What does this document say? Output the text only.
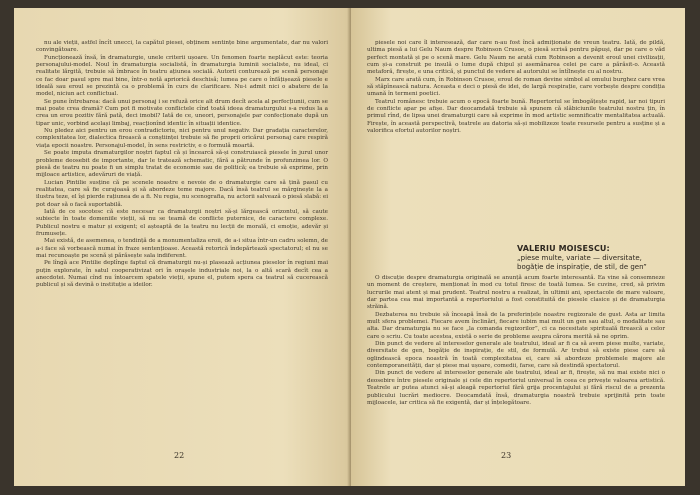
nu ale vieții, astfel încît unecci, la capătul piesei, obținem sentințe bine argumentate, dar nu valori convingătoare.

Funcționează însă, în dramaturgie, unele criterii ușoare. Un fenomen foarte neplăcut este: teoria personajului-model. Noul în dramaturgia socialistă, în dramaturgia luminii socialiste, nu ideal, ci realitate lărgită, trebuie să îmbrace în teatru ațiunea socială. Autorii conturează pe scenă personaje ce fac doar pasul spre mai bine, într-o notă apriorică deschisă; lumea pe care o înfățișează piesele e ideală sau eroul se prezintă ca o problemă în curs de clarificare. Nu-i admit nici o abatere de la model, niciun act conflictual.

Se pune întrebarea: dacă unui personaj i se refuză orice alt drum decît acela al perfecțiunii, cum se mai poate crea dramă? Cum pot fi motivate conflictele cînd toată ideea dramaturgului s-a redus la a crea un erou pozitiv fără pată, deci imobil? Iată de ce, uneori, personajele par confecționate după un tipar unic, vorbind același limbaj, reacționînd identic în situații identice.

Nu pledez aici pentru un erou contradictoriu, nici pentru unul negativ. Dar gradația caracterelor, complexitatea lor, dialectica firească a conștiinței trebuie să fie proprii oricărui personaj care respiră viața epocii noastre. Personajul-model, în sens restrictiv, e o formulă moartă.

Se poate imputa dramaturgilor noștri faptul că și încearcă să-și construiască piesele în jurul unor probleme deosebit de importante, dar le tratează schematic, fără a pătrunde în profunzimea lor. O piesă de teatru nu poate fi un simplu tratat de economie sau de politică; ea trebuie să exprime, prin mijloace artistice, adevăruri de viață.

Lucian Pintilie susține că pe scenele noastre e nevoie de o dramaturgie care să țină pasul cu realitatea, care să fie curajoasă și să abordeze teme majore. Dacă însă teatrul se mărginește la a ilustra teze, el își pierde rațiunea de a fi. Nu regia, nu scenografia, nu actorii salvează o piesă slabă: ei pot doar să o facă suportabilă.

Iată de ce socotesc că este necesar ca dramaturgii noștri să-și lărgească orizontul, să caute subiecte în toate domeniile vieții, să nu se teamă de conflicte puternice, de caractere complexe. Publicul nostru e matur și exigent; el așteaptă de la teatru nu lecții de morală, ci emoție, adevăr și frumusețe.

Mai există, de asemenea, o tendință de a monumentaliza eroii, de a-i situa într-un cadru solemn, de a-i face să vorbească numai în fraze sentențioase. Această retorică îndepărtează spectatorul; el nu se mai recunoaște pe scenă și părăsește sala indiferent.

Pe lîngă ace Pintilie deplînge faptul că dramaturgii nu-și plasează acțiunea pieselor în regiuni mai puțin explorate, în satul cooperativizat ori în orașele industriale noi, la o altă scară decît cea a anecdotei. Numai cînd nu întoarcem spatele vieții, spune el, putem spera ca teatrul să cucerească publicul și să devină o instituție a ideilor.

22

piesele noi care îl interesează, dar care n-au fost încă admiționate de vreun teatru. Iată, de pildă, ultima piesă a lui Gelu Naum despre Robinson Crusoe, o piesă scrisă pentru păpuși, dar pe care o văd perfect montată și pe o scenă mare. Gelu Naum ne arată cum Robinson a devenit eroul unei civilizații, cum și-a construit pe insulă o lume după chipul și asemănarea celei pe care a părăsit-o. Această metaforă, firește, e una critică, și punctul de vedere al autorului se întîlnește cu al nostru.

Marx care arată cum, în Robinson Crusoe, eroul de roman devine simbol al omului burghez care vrea să stăpînească natura. Aceasta e deci o piesă de idei, de largă respirație, care vorbește despre condiția umană în termeni poetici.

Teatrul românesc trebuie acum o epocă foarte bună. Repertoriul se îmbogățește rapid, iar noi tipuri de conflicte apar pe afișe. Dar deocamdată trebuie să spunem că slăbiciunile teatrului nostru țin, în primul rînd, de lipsa unei dramaturgii care să exprime în mod artistic semnificativ mentalitatea actuală. Firește, în această perspectivă, teatrele au datoria să-și mobilizeze toate resursele pentru a susține și a valorifica efortul autorilor noștri.

VALERIU MOISESCU:
„piese multe, variate — diversitate, bogăție de inspirație, de stil, de gen”

O discuție despre dramaturgia originală se anunță acum foarte interesantă. Ea vine să consemneze un moment de creștere, menționat în mod cu totul firesc de toată lumea. Se cuvine, cred, să privim lucrurile mai atent și mai prudent. Teatrul nostru a realizat, în ultimii ani, spectacole de mare valoare, dar partea cea mai importantă a repertoriului a fost constituită de piesele clasice și de dramaturgia străină.

Dezbaterea nu trebuie să înceapă însă de la preferințele noastre regizorale de gust. Asta ar limita mult sfera problemei. Fiecare avem înclinări, fiecare iubim mai mult un gen sau altul, o modalitate sau alta. Dar dramaturgia nu se face „la comanda regizorilor”, ci ca necesitate spirituală firească a celor care o scriu. Cu toate acestea, există o serie de probleme asupra cărora merită să ne oprim.

Din punct de vedere al intereselor generale ale teatrului, ideal ar fi ca să avem piese multe, variate, diversitate de gen, bogăție de inspirație, de stil, de formulă. Ar trebui să existe piese care să oglindească epoca noastră în toată complexitatea ei, care să abordeze problemele majore ale contemporaneității, dar și piese mai ușoare, comedii, farse, care să destindă spectatorul.

Din punct de vedere al intereselor generale ale teatrului, ideal ar fi, firește, să nu mai existe nici o deosebire între piesele originale și cele din repertoriul universal în ceea ce privește valoarea artistică. Teatrele ar putea atunci să-și aleagă repertoriul fără grija procentajului și fără riscul de a prezenta publicului lucrări mediocre. Deocamdată însă, dramaturgia noastră trebuie sprijinită prin toate mijloacele, iar critica să fie exigentă, dar și înțelegătoare.

23
